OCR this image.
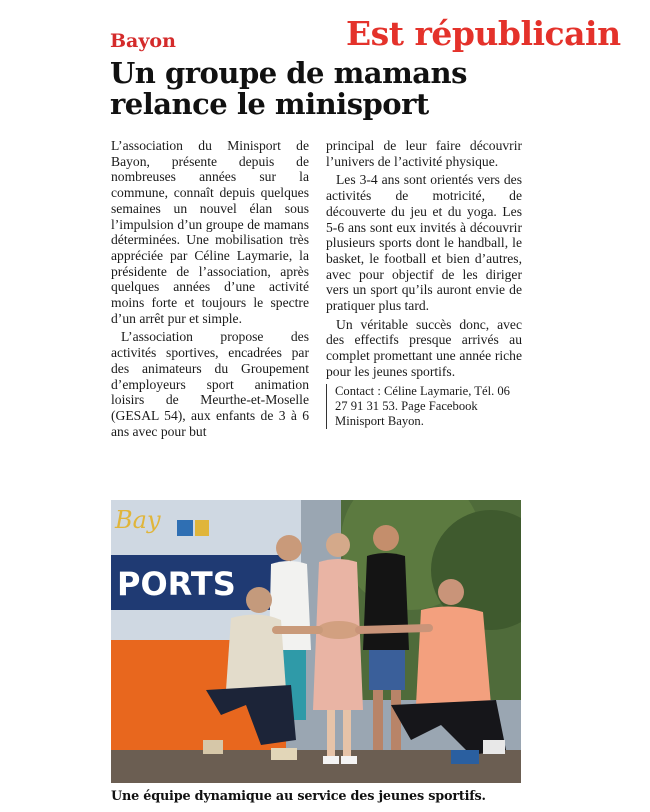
Est républicain
Bayon
Un groupe de mamans relance le minisport

L’association du Minisport de Bayon, présente depuis de nombreuses années sur la commune, connaît depuis quelques semaines un nouvel élan sous l’impulsion d’un groupe de mamans déterminées. Une mobilisation très appréciée par Céline Laymarie, la présidente de l’association, après quelques années d’une activité moins forte et toujours le spectre d’un arrêt pur et simple.

L’association propose des activités sportives, encadrées par des animateurs du Groupement d’employeurs sport animation loisirs de Meurthe-et-Moselle (GESAL 54), aux enfants de 3 à 6 ans avec pour but

principal de leur faire découvrir l’univers de l’activité physique.

Les 3-4 ans sont orientés vers des activités de motricité, de découverte du jeu et du yoga. Les 5-6 ans sont eux invités à découvrir plusieurs sports dont le handball, le basket, le football et bien d’autres, avec pour objectif de les diriger vers un sport qu’ils auront envie de pratiquer plus tard.

Un véritable succès donc, avec des effectifs presque arrivés au complet promettant une année riche pour les jeunes sportifs.

Contact : Céline Laymarie, Tél. 06 27 91 31 53. Page Facebook Minisport Bayon.
Bay
PORTS
Une équipe dynamique au service des jeunes sportifs.
